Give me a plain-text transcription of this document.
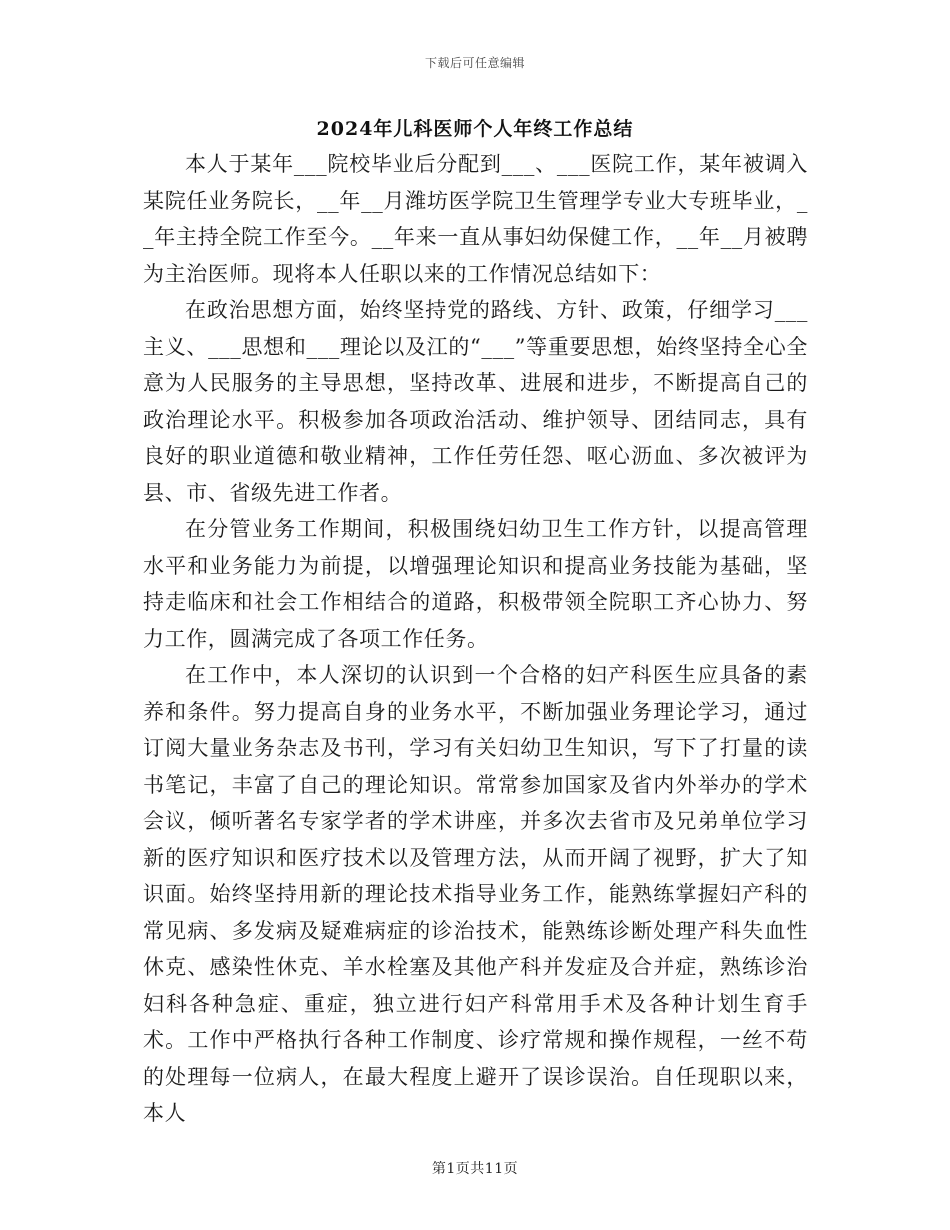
下载后可任意编辑
2024年儿科医师个人年终工作总结

本人于某年___院校毕业后分配到___、___医院工作，某年被调入某院任业务院长，__年__月潍坊医学院卫生管理学专业大专班毕业，__年主持全院工作至今。__年来一直从事妇幼保健工作，__年__月被聘为主治医师。现将本人任职以来的工作情况总结如下：

在政治思想方面，始终坚持党的路线、方针、政策，仔细学习___主义、___思想和___理论以及江的“___”等重要思想，始终坚持全心全意为人民服务的主导思想，坚持改革、进展和进步，不断提高自己的政治理论水平。积极参加各项政治活动、维护领导、团结同志，具有良好的职业道德和敬业精神，工作任劳任怨、呕心沥血、多次被评为县、市、省级先进工作者。

在分管业务工作期间，积极围绕妇幼卫生工作方针，以提高管理水平和业务能力为前提，以增强理论知识和提高业务技能为基础，坚持走临床和社会工作相结合的道路，积极带领全院职工齐心协力、努力工作，圆满完成了各项工作任务。

在工作中，本人深切的认识到一个合格的妇产科医生应具备的素养和条件。努力提高自身的业务水平，不断加强业务理论学习，通过订阅大量业务杂志及书刊，学习有关妇幼卫生知识，写下了打量的读书笔记，丰富了自己的理论知识。常常参加国家及省内外举办的学术会议，倾听著名专家学者的学术讲座，并多次去省市及兄弟单位学习新的医疗知识和医疗技术以及管理方法，从而开阔了视野，扩大了知识面。始终坚持用新的理论技术指导业务工作，能熟练掌握妇产科的常见病、多发病及疑难病症的诊治技术，能熟练诊断处理产科失血性休克、感染性休克、羊水栓塞及其他产科并发症及合并症，熟练诊治妇科各种急症、重症，独立进行妇产科常用手术及各种计划生育手术。工作中严格执行各种工作制度、诊疗常规和操作规程，一丝不苟的处理每一位病人，在最大程度上避开了误诊误治。自任现职以来，本人

第1页共11页
